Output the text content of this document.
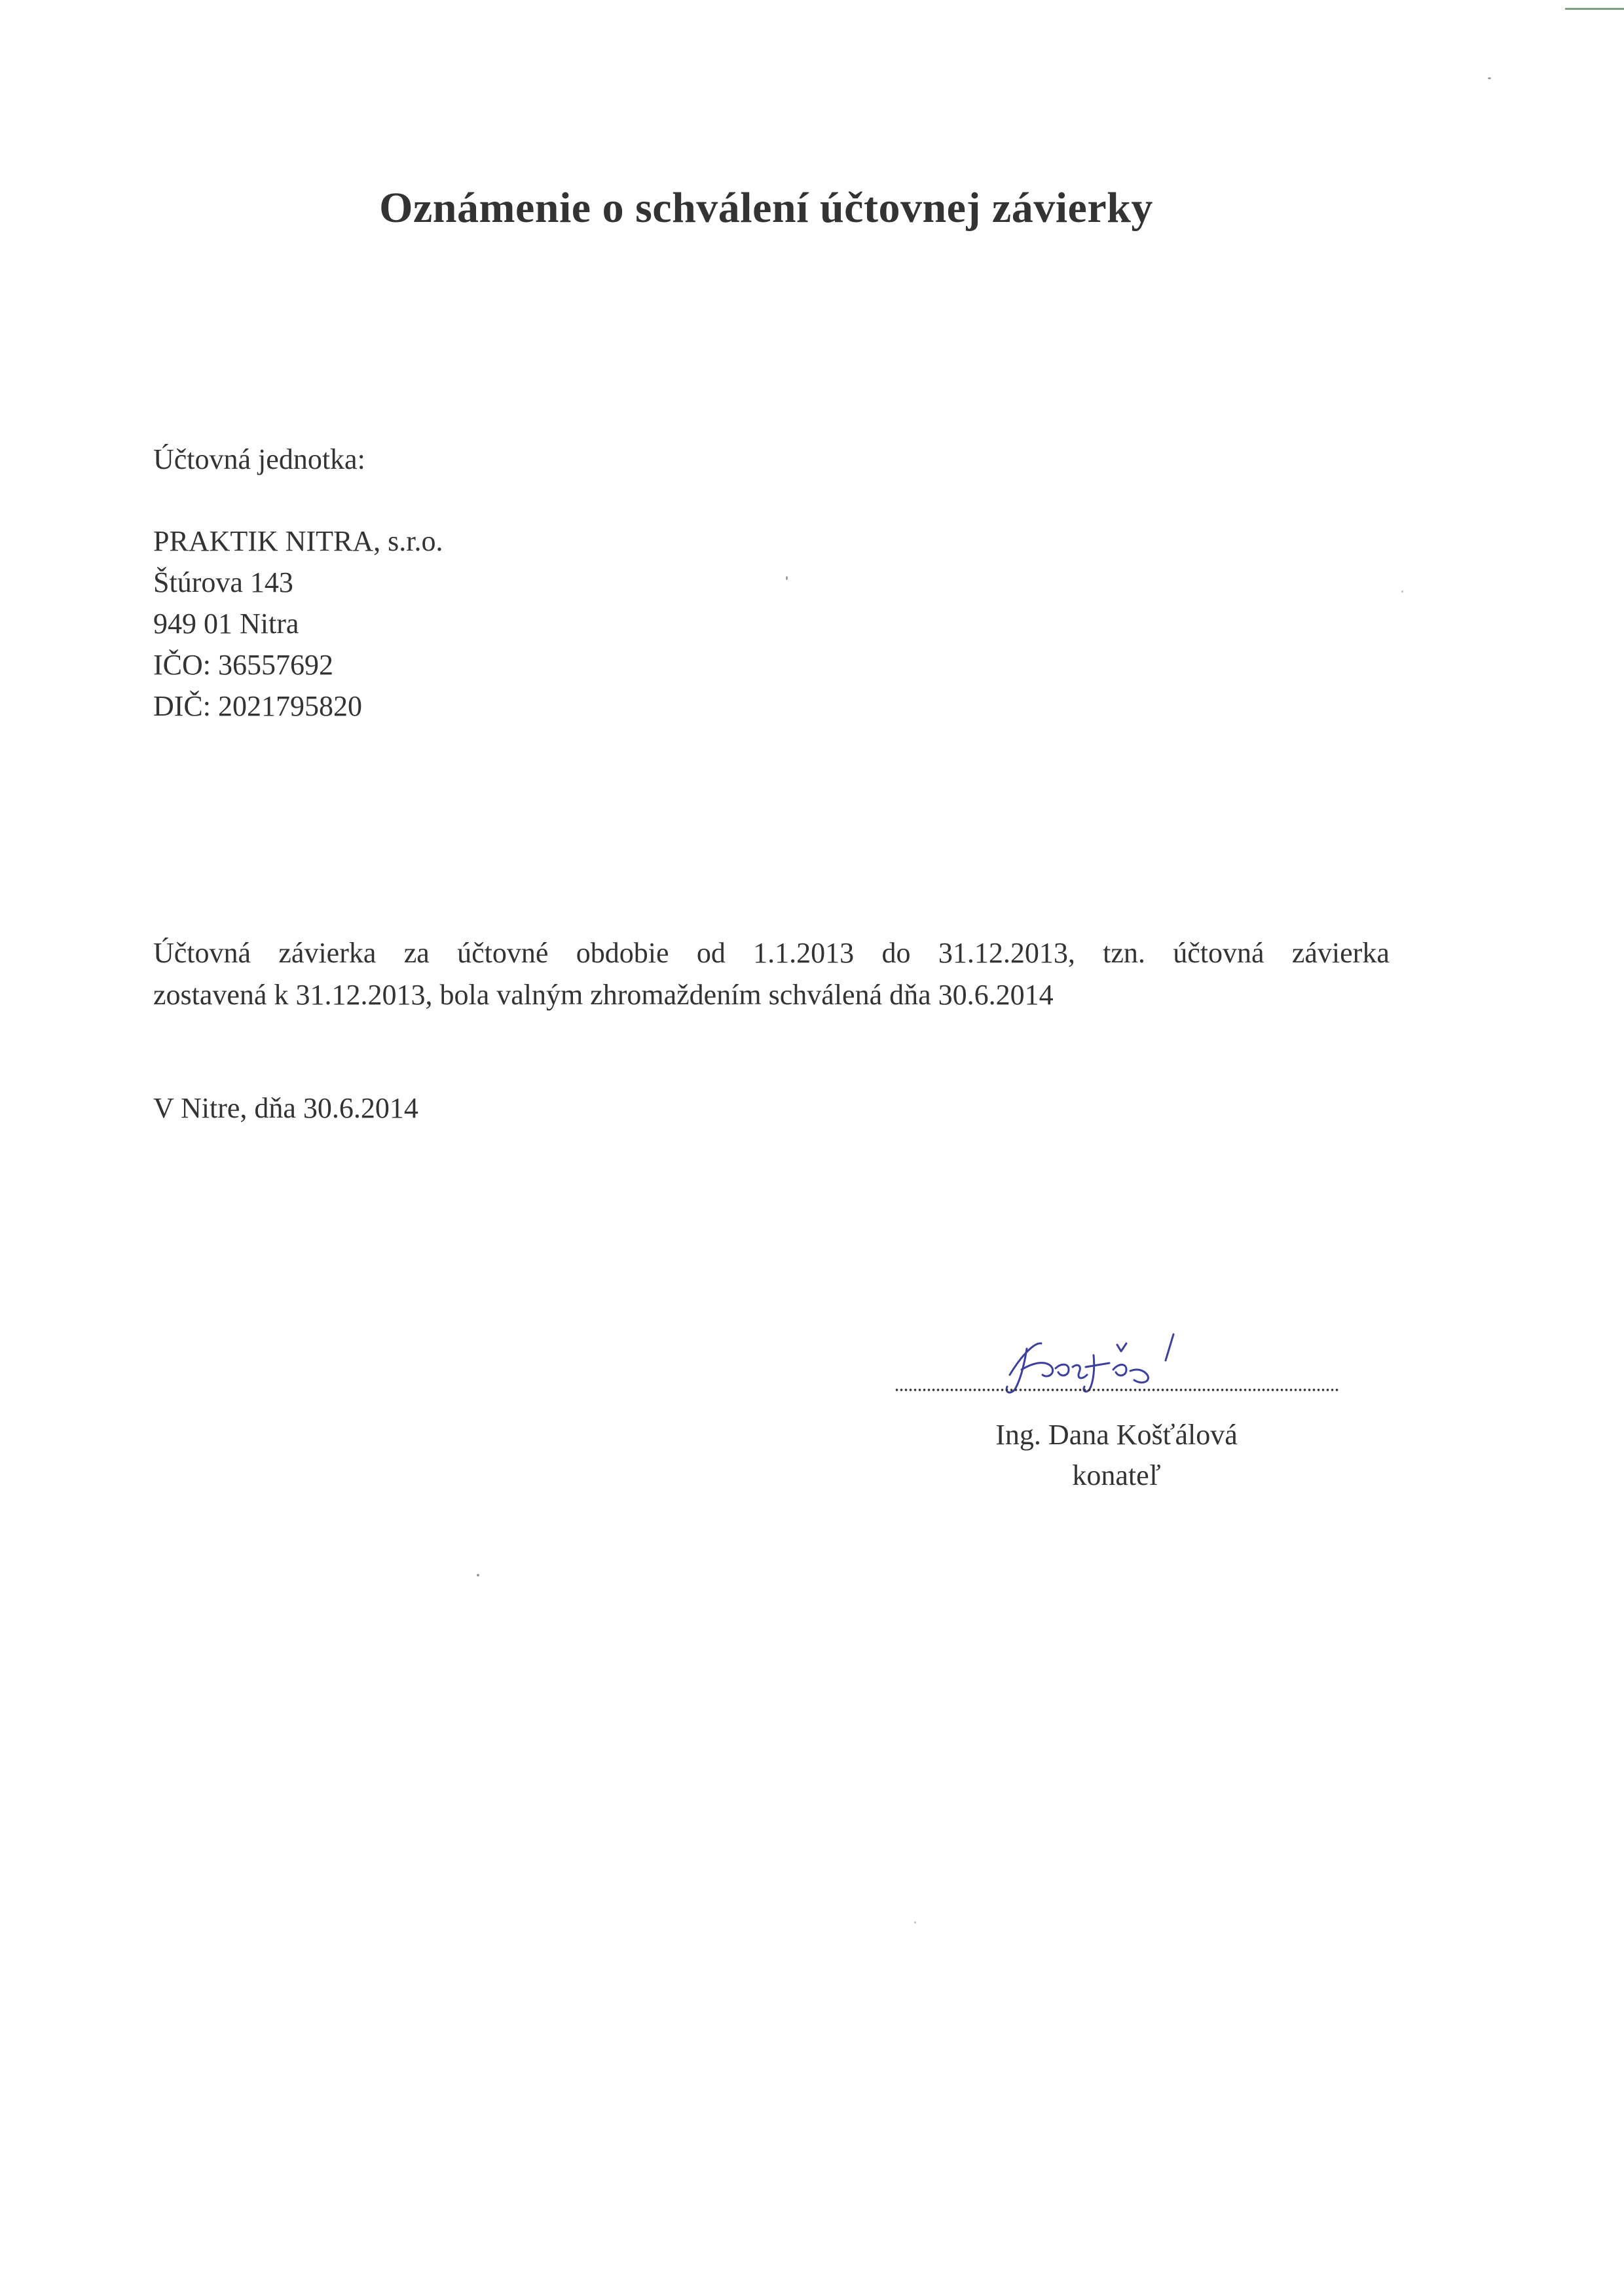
Oznámenie o schválení účtovnej závierky
Účtovná jednotka:
PRAKTIK NITRA, s.r.o.
Štúrova 143
949 01 Nitra
IČO: 36557692
DIČ: 2021795820
Účtovná závierka za účtovné obdobie od 1.1.2013 do 31.12.2013, tzn. účtovná závierka
zostavená k 31.12.2013, bola valným zhromaždením schválená dňa 30.6.2014
V Nitre, dňa 30.6.2014
Ing. Dana Košťálová
konateľ
